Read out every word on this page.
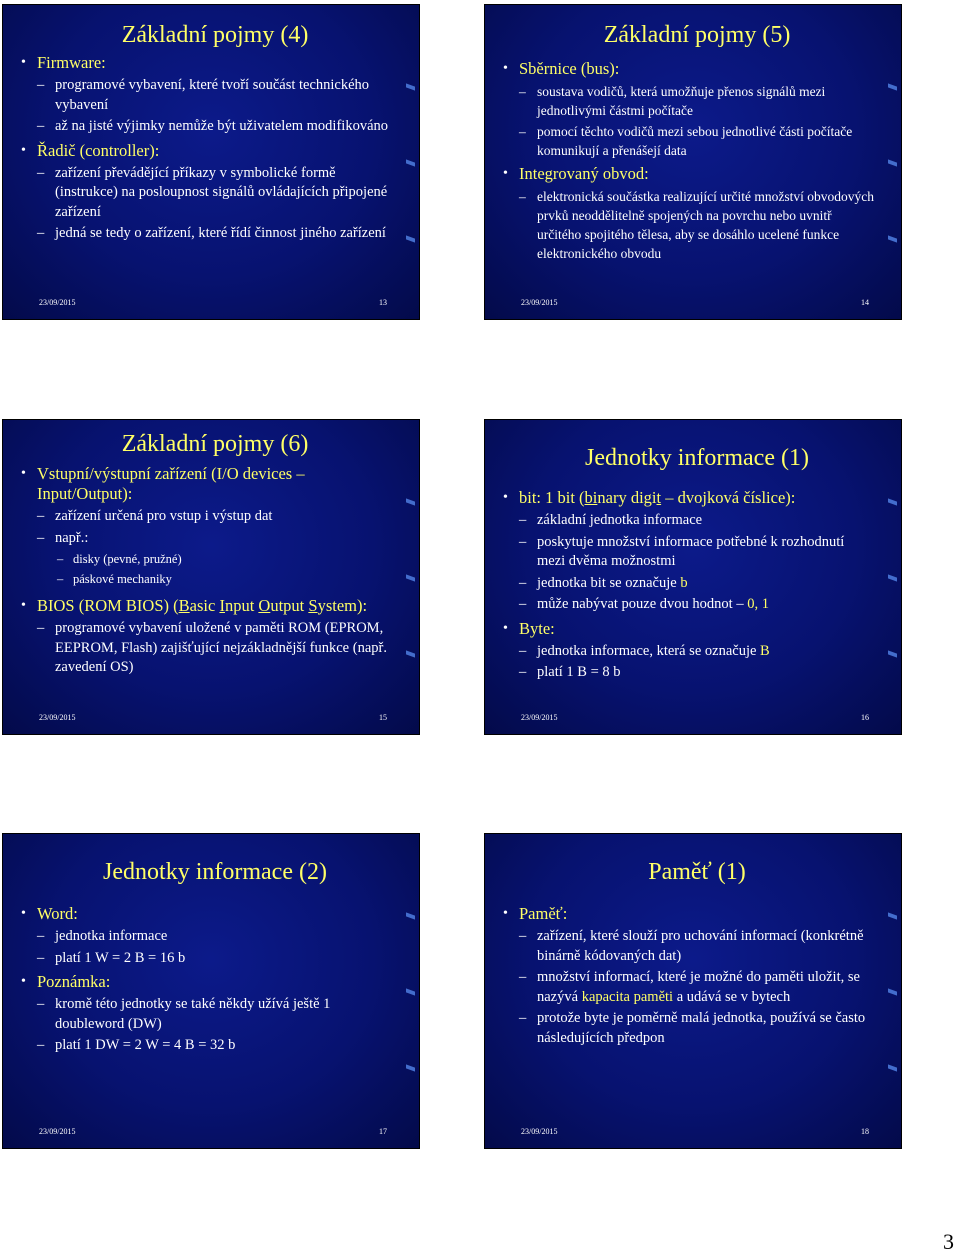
Základní pojmy (4)
• Firmware:
– programové vybavení, které tvoří součást technického vybavení
– až na jisté výjimky nemůže být uživatelem modifikováno
• Řadič (controller):
– zařízení převádějící příkazy v symbolické formě (instrukce) na posloupnost signálů ovládajících připojené zařízení
– jedná se tedy o zařízení, které řídí činnost jiného zařízení
23/09/2015	13
Základní pojmy (5)
• Sběrnice (bus):
– soustava vodičů, která umožňuje přenos signálů mezi jednotlivými částmi počítače
– pomocí těchto vodičů mezi sebou jednotlivé části počítače komunikují a přenášejí data
• Integrovaný obvod:
– elektronická součástka realizující určité množství obvodových prvků neoddělitelně spojených na povrchu nebo uvnitř určitého spojitého tělesa, aby se dosáhlo ucelené funkce elektronického obvodu
23/09/2015	14
Základní pojmy (6)
• Vstupní/výstupní zařízení (I/O devices – Input/Output):
– zařízení určená pro vstup i výstup dat
– např.:
– disky (pevné, pružné)
– páskové mechaniky
• BIOS (ROM BIOS) (Basic Input Output System):
– programové vybavení uložené v paměti ROM (EPROM, EEPROM, Flash) zajišťující nejzákladnější funkce (např. zavedení OS)
23/09/2015	15
Jednotky informace (1)
• bit: 1 bit (binary digit – dvojková číslice):
– základní jednotka informace
– poskytuje množství informace potřebné k rozhodnutí mezi dvěma možnostmi
– jednotka bit se označuje b
– může nabývat pouze dvou hodnot – 0, 1
• Byte:
– jednotka informace, která se označuje B
– platí 1 B = 8 b
23/09/2015	16
Jednotky informace (2)
• Word:
– jednotka informace
– platí 1 W = 2 B = 16 b
• Poznámka:
– kromě této jednotky se také někdy užívá ještě 1 doubleword (DW)
– platí 1 DW = 2 W = 4 B = 32 b
23/09/2015	17
Paměť (1)
• Paměť:
– zařízení, které slouží pro uchování informací (konkrétně binárně kódovaných dat)
– množství informací, které je možné do paměti uložit, se nazývá kapacita paměti a udává se v bytech
– protože byte je poměrně malá jednotka, používá se často následujících předpon
23/09/2015	18
3
